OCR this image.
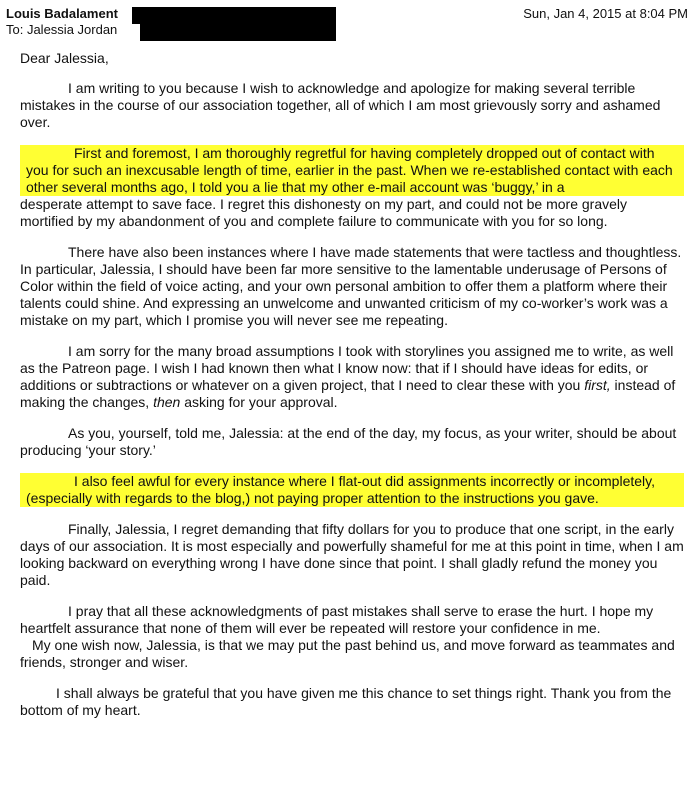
Louis Badalament
To: Jalessia Jordan
Sun, Jan 4, 2015 at 8:04 PM

Dear Jalessia,

I am writing to you because I wish to acknowledge and apologize for making several terrible mistakes in the course of our association together, all of which I am most grievously sorry and ashamed over.

First and foremost, I am thoroughly regretful for having completely dropped out of contact with you for such an inexcusable length of time, earlier in the past. When we re-established contact with each other several months ago, I told you a lie that my other e-mail account was ‘buggy,’ in a

desperate attempt to save face. I regret this dishonesty on my part, and could not be more gravely mortified by my abandonment of you and complete failure to communicate with you for so long.

There have also been instances where I have made statements that were tactless and thoughtless. In particular, Jalessia, I should have been far more sensitive to the lamentable underusage of Persons of Color within the field of voice acting, and your own personal ambition to offer them a platform where their talents could shine. And expressing an unwelcome and unwanted criticism of my co-worker’s work was a mistake on my part, which I promise you will never see me repeating.

I am sorry for the many broad assumptions I took with storylines you assigned me to write, as well as the Patreon page. I wish I had known then what I know now: that if I should have ideas for edits, or additions or subtractions or whatever on a given project, that I need to clear these with you first, instead of making the changes, then asking for your approval.

As you, yourself, told me, Jalessia: at the end of the day, my focus, as your writer, should be about producing ‘your story.’

I also feel awful for every instance where I flat-out did assignments incorrectly or incompletely, (especially with regards to the blog,) not paying proper attention to the instructions you gave.

Finally, Jalessia, I regret demanding that fifty dollars for you to produce that one script, in the early days of our association. It is most especially and powerfully shameful for me at this point in time, when I am looking backward on everything wrong I have done since that point. I shall gladly refund the money you paid.

I pray that all these acknowledgments of past mistakes shall serve to erase the hurt. I hope my heartfelt assurance that none of them will ever be repeated will restore your confidence in me.

My one wish now, Jalessia, is that we may put the past behind us, and move forward as teammates and friends, stronger and wiser.

I shall always be grateful that you have given me this chance to set things right. Thank you from the bottom of my heart.
